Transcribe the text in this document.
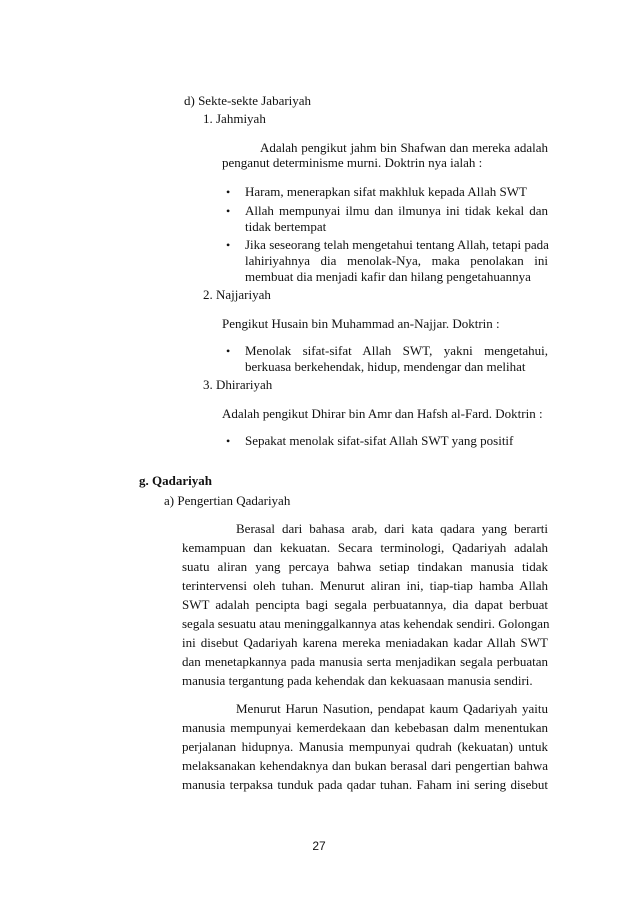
d) Sekte-sekte Jabariyah
1. Jahmiyah
Adalah pengikut jahm bin Shafwan dan mereka adalah
penganut determinisme murni. Doktrin nya ialah :
• Haram, menerapkan sifat makhluk kepada Allah SWT
• Allah mempunyai ilmu dan ilmunya ini tidak kekal dan
tidak bertempat
• Jika seseorang telah mengetahui tentang Allah, tetapi pada
lahiriyahnya dia menolak-Nya, maka penolakan ini
membuat dia menjadi kafir dan hilang pengetahuannya
2. Najjariyah
Pengikut Husain bin Muhammad an-Najjar. Doktrin :
• Menolak sifat-sifat Allah SWT, yakni mengetahui,
berkuasa berkehendak, hidup, mendengar dan melihat
3. Dhirariyah
Adalah pengikut Dhirar bin Amr dan Hafsh al-Fard. Doktrin :
• Sepakat menolak sifat-sifat Allah SWT yang positif
g. Qadariyah
a) Pengertian Qadariyah
Berasal dari bahasa arab, dari kata qadara yang berarti
kemampuan dan kekuatan. Secara terminologi, Qadariyah adalah
suatu aliran yang percaya bahwa setiap tindakan manusia tidak
terintervensi oleh tuhan. Menurut aliran ini, tiap-tiap hamba Allah
SWT adalah pencipta bagi segala perbuatannya, dia dapat berbuat
segala sesuatu atau meninggalkannya atas kehendak sendiri. Golongan
ini disebut Qadariyah karena mereka meniadakan kadar Allah SWT
dan menetapkannya pada manusia serta menjadikan segala perbuatan
manusia tergantung pada kehendak dan kekuasaan manusia sendiri.
Menurut Harun Nasution, pendapat kaum Qadariyah yaitu
manusia mempunyai kemerdekaan dan kebebasan dalm menentukan
perjalanan hidupnya. Manusia mempunyai qudrah (kekuatan) untuk
melaksanakan kehendaknya dan bukan berasal dari pengertian bahwa
manusia terpaksa tunduk pada qadar tuhan. Faham ini sering disebut
27
